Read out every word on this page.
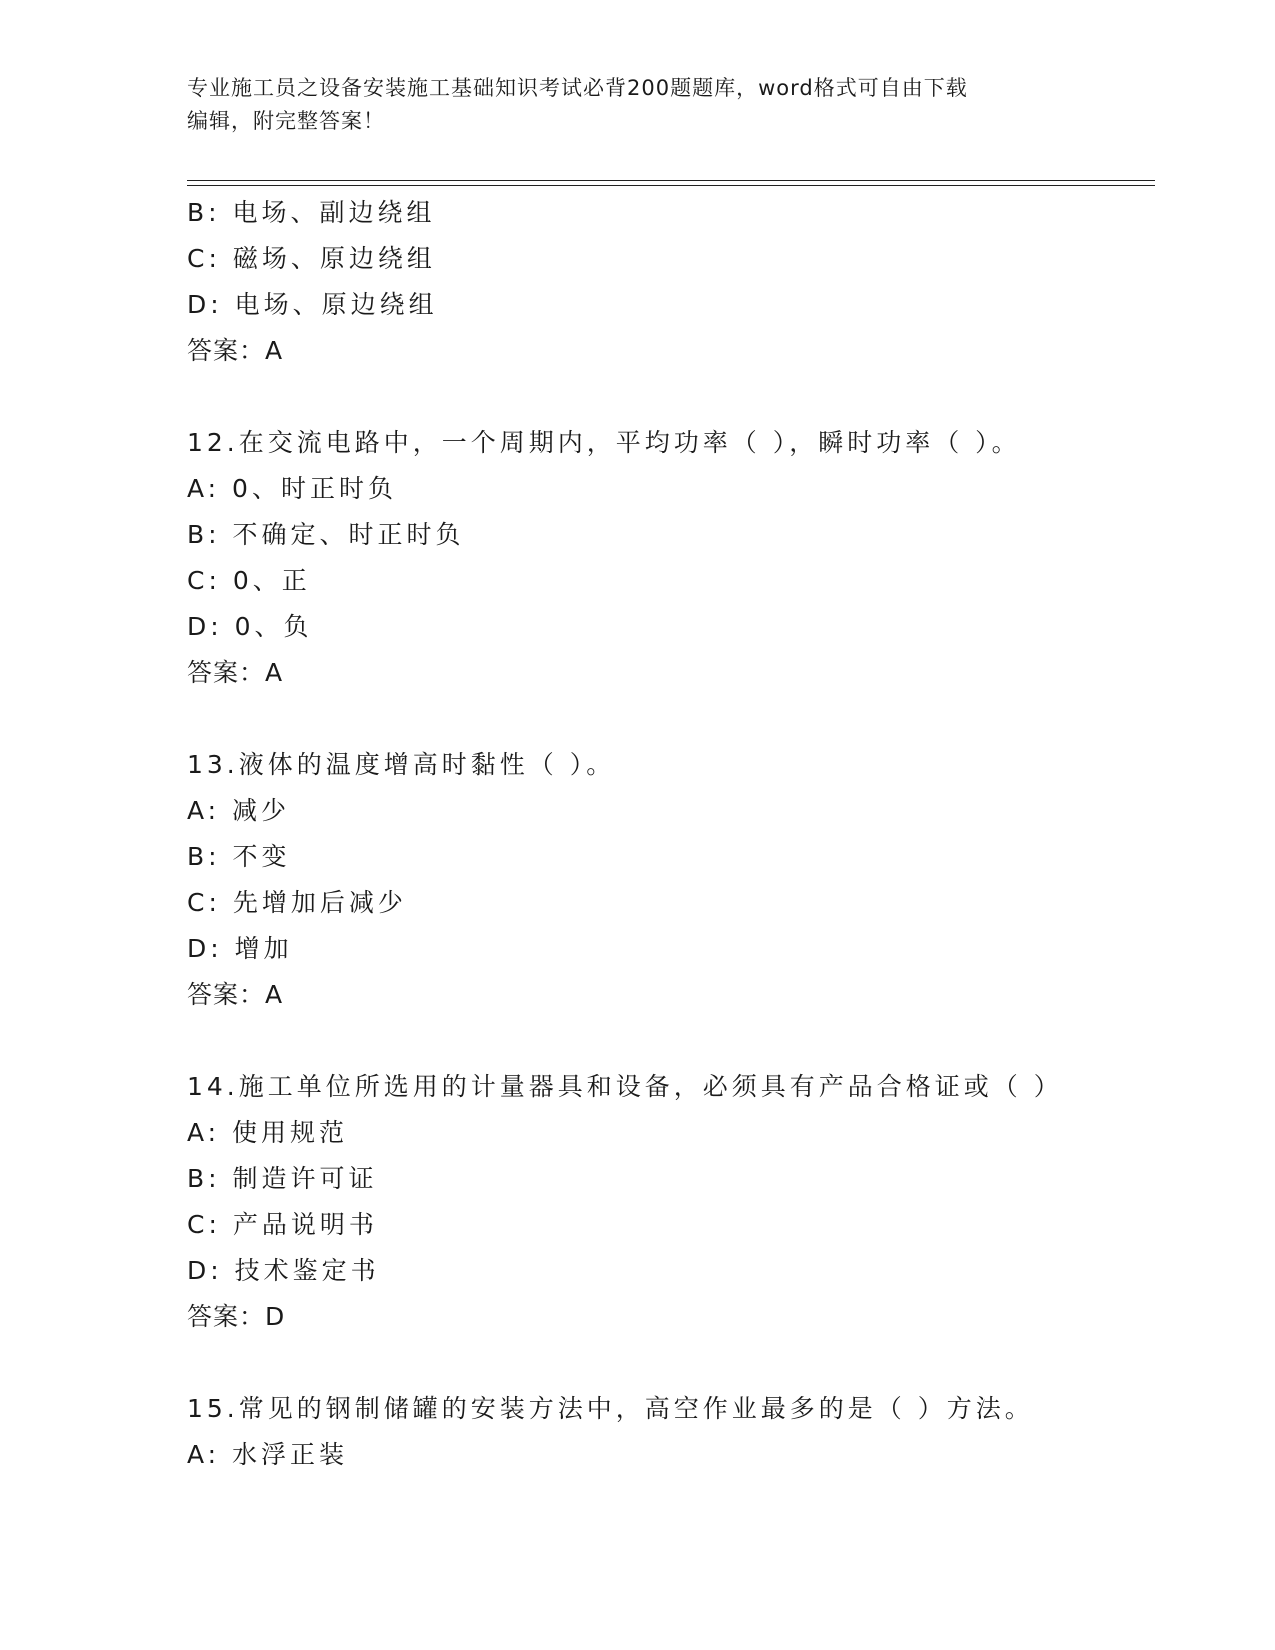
专业施工员之设备安装施工基础知识考试必背200题题库，word格式可自由下载
编辑，附完整答案！
B: 电场、副边绕组
C: 磁场、原边绕组
D: 电场、原边绕组
答案：A
12.在交流电路中，一个周期内，平均功率（ ），瞬时功率（ ）。
A: 0、时正时负
B: 不确定、时正时负
C: 0、正
D: 0、负
答案：A
13.液体的温度增高时黏性（ ）。
A: 减少
B: 不变
C: 先增加后减少
D: 增加
答案：A
14.施工单位所选用的计量器具和设备，必须具有产品合格证或（ ）
A: 使用规范
B: 制造许可证
C: 产品说明书
D: 技术鉴定书
答案：D
15.常见的钢制储罐的安装方法中，高空作业最多的是（ ）方法。
A: 水浮正装
